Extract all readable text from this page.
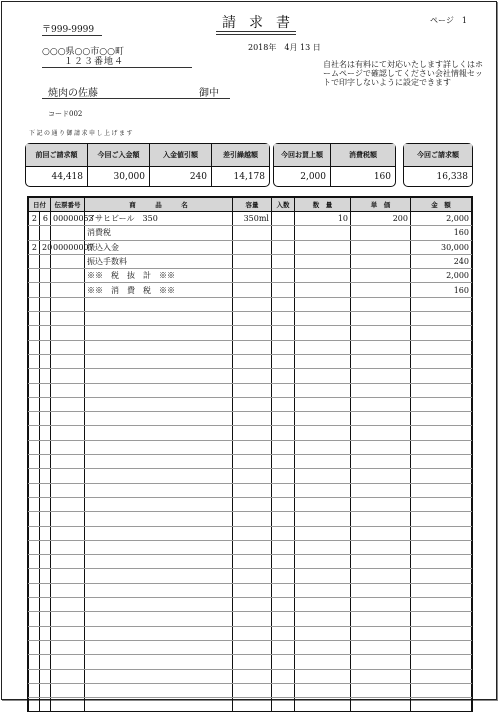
〒999-9999
○○○県○○市○○町
１２３番地４
焼肉の佐藤	御中
コード002
請求書
2018年　4月 13 日
ページ　1
自社名は有料にて対応いたします詳しくはホームページで確認してください会社情報セットで印字しないように設定できます
下記の通り御請求申し上げます
前回ご請求額	今回ご入金額	入金値引額	差引繰越額
44,418	30,000	240	14,178
今回お買上額	消費税額
2,000	160
今回ご請求額
16,338
日付		伝票番号	商　　　品　　　名	容量	入数	数　量	単　価	金　額
2	6	00000053	アサヒビール　350	350ml		10	200	2,000
			消費税					160
2	20	00000007	振込入金					30,000
			振込手数料					240
			※※　税　抜　計　※※					2,000
			※※　消　費　税　※※					160
